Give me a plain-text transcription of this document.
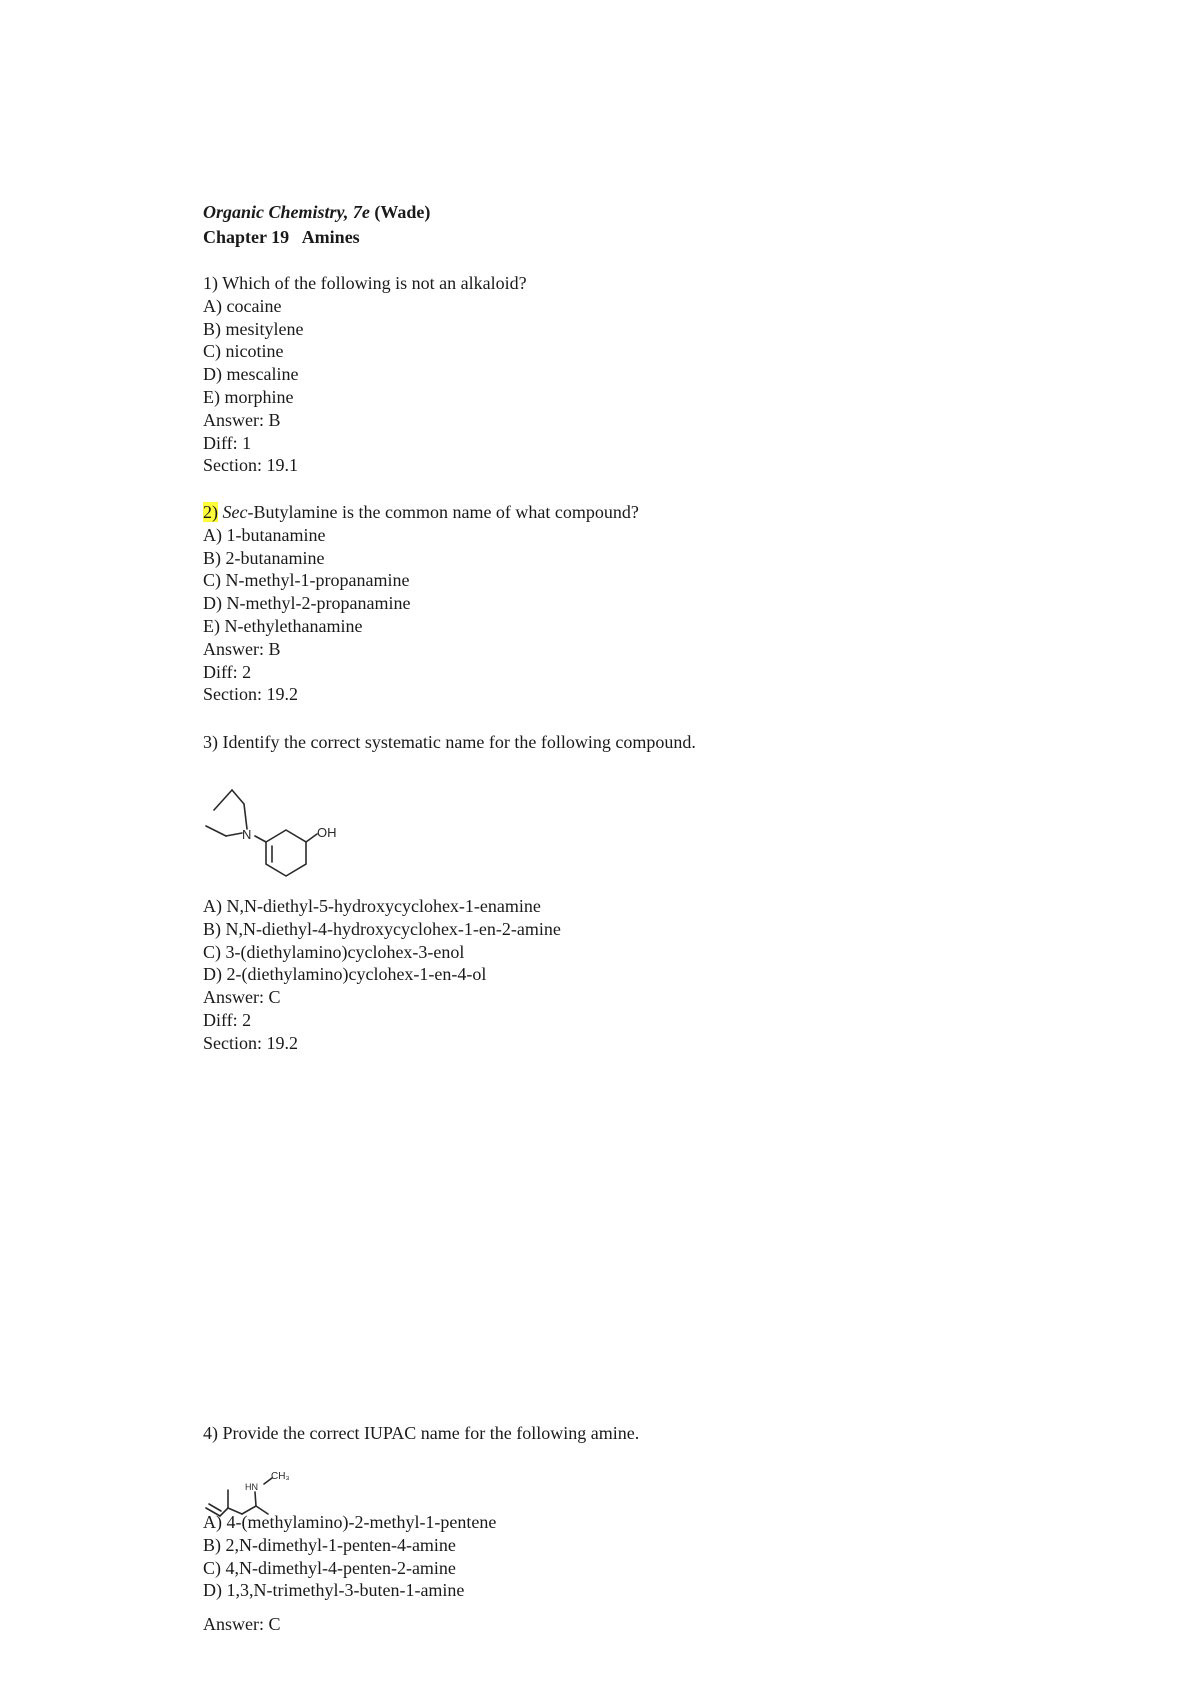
Organic Chemistry, 7e (Wade)
Chapter 19 Amines
1) Which of the following is not an alkaloid?
A) cocaine
B) mesitylene
C) nicotine
D) mescaline
E) morphine
Answer: B
Diff: 1
Section: 19.1
2) Sec-Butylamine is the common name of what compound?
A) 1-butanamine
B) 2-butanamine
C) N-methyl-1-propanamine
D) N-methyl-2-propanamine
E) N-ethylethanamine
Answer: B
Diff: 2
Section: 19.2
3) Identify the correct systematic name for the following compound.
N	OH
A) N,N-diethyl-5-hydroxycyclohex-1-enamine
B) N,N-diethyl-4-hydroxycyclohex-1-en-2-amine
C) 3-(diethylamino)cyclohex-3-enol
D) 2-(diethylamino)cyclohex-1-en-4-ol
Answer: C
Diff: 2
Section: 19.2
4) Provide the correct IUPAC name for the following amine.
HN
CH₃
A) 4-(methylamino)-2-methyl-1-pentene
B) 2,N-dimethyl-1-penten-4-amine
C) 4,N-dimethyl-4-penten-2-amine
D) 1,3,N-trimethyl-3-buten-1-amine
Answer: C
